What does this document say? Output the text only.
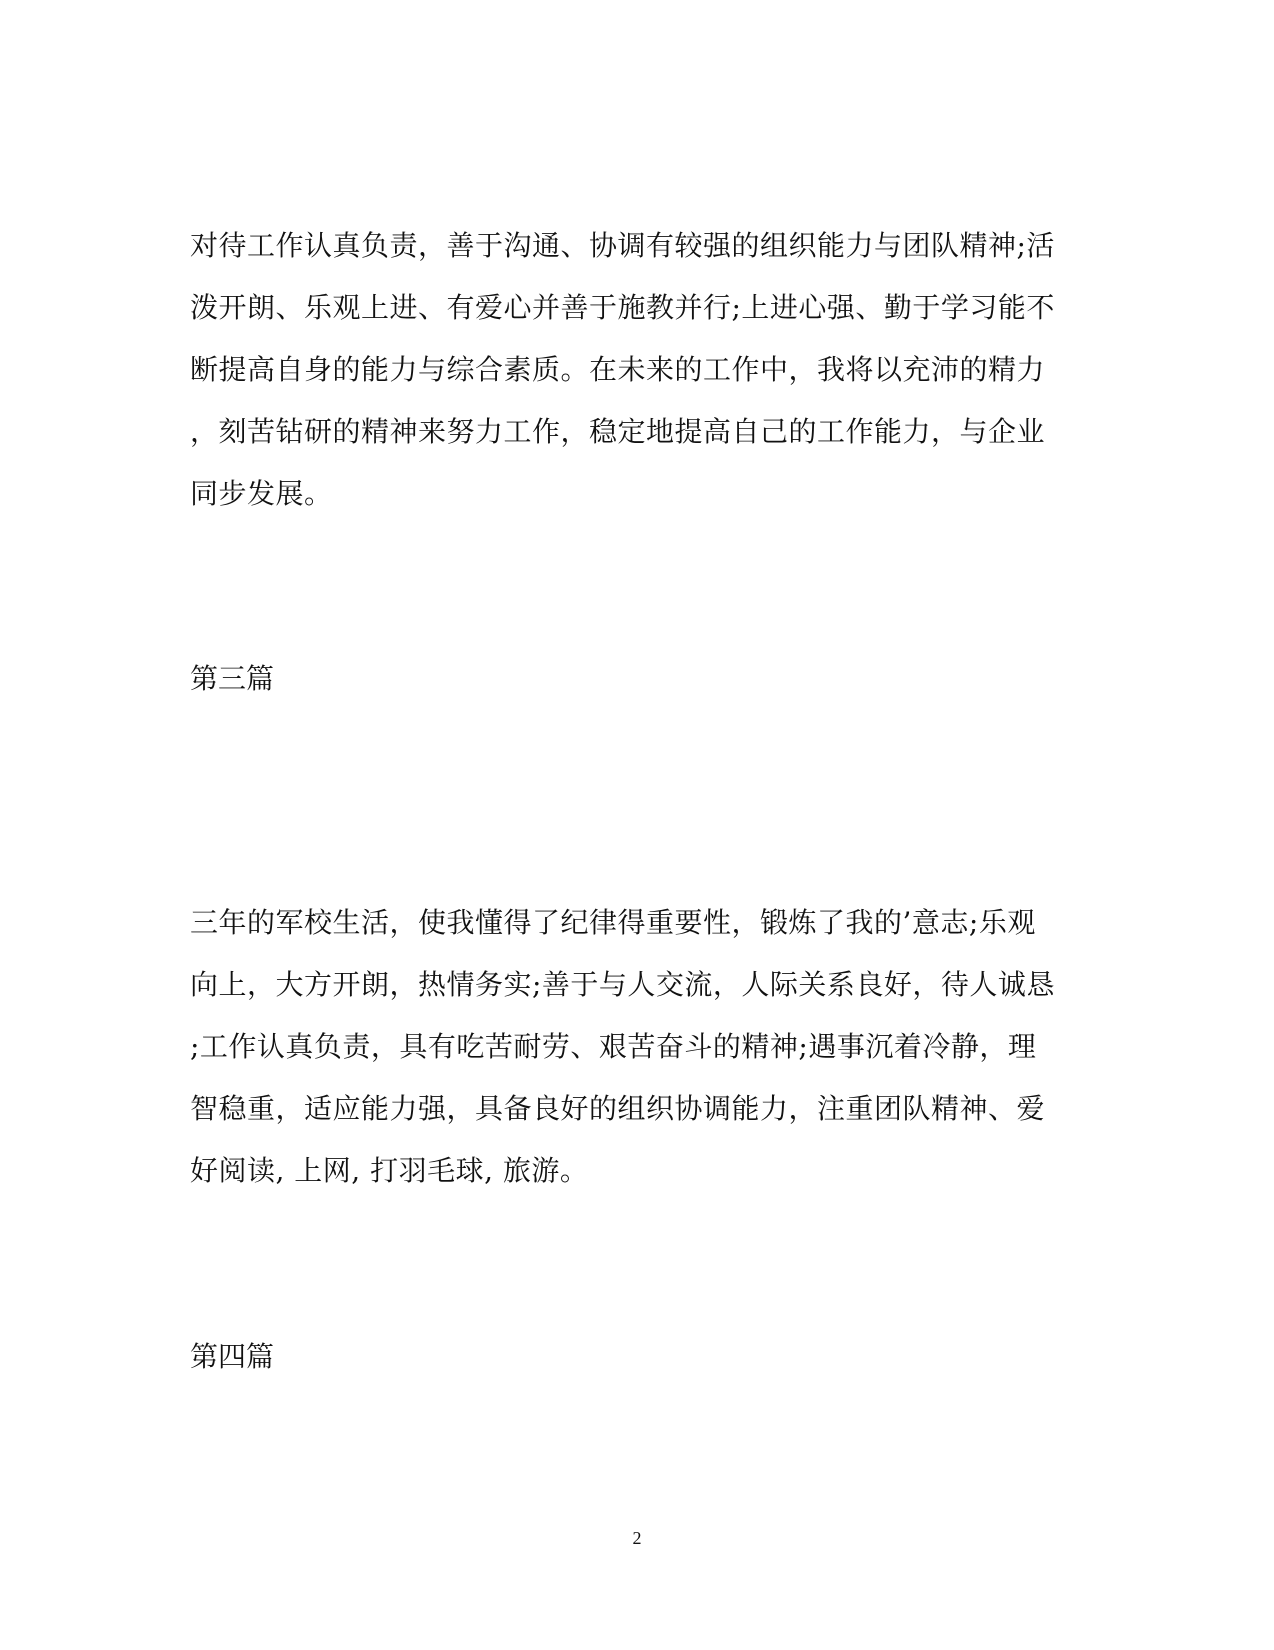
对待工作认真负责，善于沟通、协调有较强的组织能力与团队精神;活
泼开朗、乐观上进、有爱心并善于施教并行;上进心强、勤于学习能不
断提高自身的能力与综合素质。在未来的工作中，我将以充沛的精力
，刻苦钻研的精神来努力工作，稳定地提高自己的工作能力，与企业
同步发展。
第三篇
三年的军校生活，使我懂得了纪律得重要性，锻炼了我的’意志;乐观
向上，大方开朗，热情务实;善于与人交流，人际关系良好，待人诚恳
;工作认真负责，具有吃苦耐劳、艰苦奋斗的精神;遇事沉着冷静，理
智稳重，适应能力强，具备良好的组织协调能力，注重团队精神、爱
好阅读, 上网, 打羽毛球, 旅游。
第四篇
2
